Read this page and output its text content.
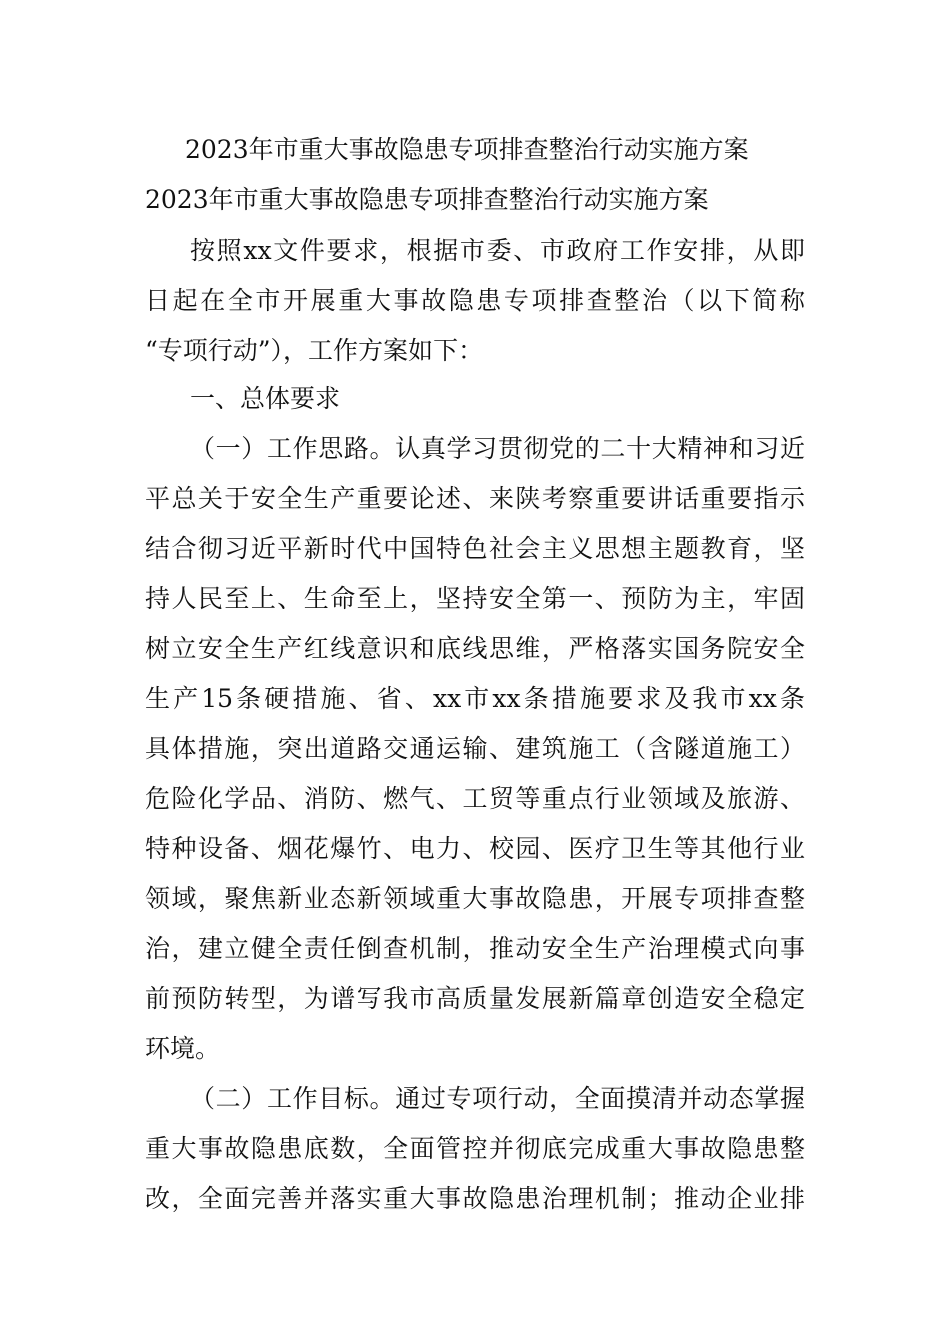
2023年市重大事故隐患专项排查整治行动实施方案
2023年市重大事故隐患专项排查整治行动实施方案
按照xx文件要求，根据市委、市政府工作安排，从即
日起在全市开展重大事故隐患专项排查整治（以下简称
“专项行动”），工作方案如下：
一、总体要求
（一）工作思路。认真学习贯彻党的二十大精神和习近
平总关于安全生产重要论述、来陕考察重要讲话重要指示
结合彻习近平新时代中国特色社会主义思想主题教育，坚
持人民至上、生命至上，坚持安全第一、预防为主，牢固
树立安全生产红线意识和底线思维，严格落实国务院安全
生产15条硬措施、省、xx市xx条措施要求及我市xx条
具体措施，突出道路交通运输、建筑施工（含隧道施工）
危险化学品、消防、燃气、工贸等重点行业领域及旅游、
特种设备、烟花爆竹、电力、校园、医疗卫生等其他行业
领域，聚焦新业态新领域重大事故隐患，开展专项排查整
治，建立健全责任倒查机制，推动安全生产治理模式向事
前预防转型，为谱写我市高质量发展新篇章创造安全稳定
环境。
（二）工作目标。通过专项行动，全面摸清并动态掌握
重大事故隐患底数，全面管控并彻底完成重大事故隐患整
改，全面完善并落实重大事故隐患治理机制；推动企业排
